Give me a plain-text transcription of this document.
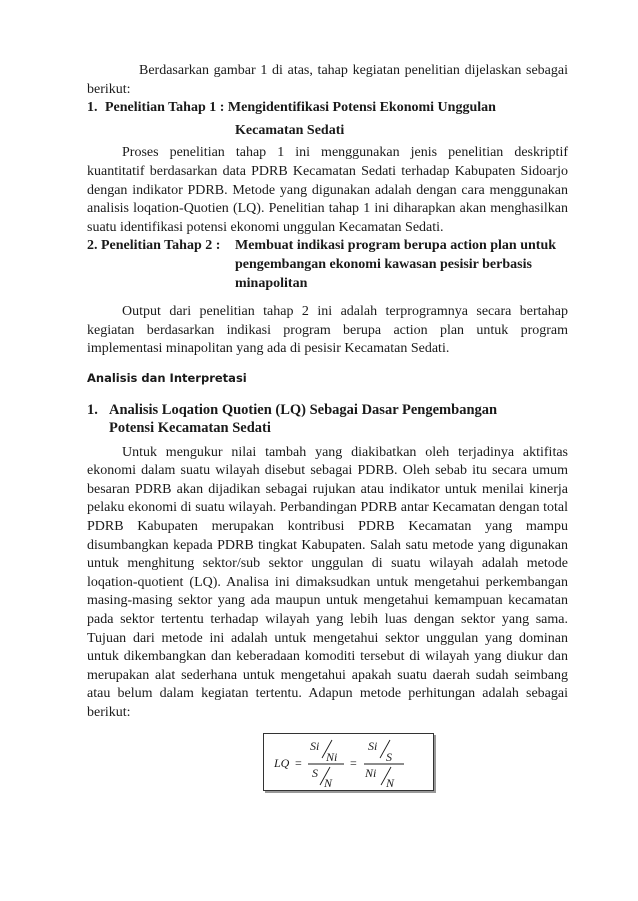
Berdasarkan gambar 1 di atas, tahap kegiatan penelitian dijelaskan sebagai berikut:

1. Penelitian Tahap 1 :
Mengidentifikasi Potensi Ekonomi Unggulan
Kecamatan Sedati

Proses penelitian tahap 1 ini menggunakan jenis penelitian deskriptif kuantitatif berdasarkan data PDRB Kecamatan Sedati terhadap Kabupaten Sidoarjo dengan indikator PDRB. Metode yang digunakan adalah dengan cara menggunakan analisis loqation-Quotien (LQ). Penelitian tahap 1 ini diharapkan akan menghasilkan suatu identifikasi potensi ekonomi unggulan Kecamatan Sedati.

2. Penelitian Tahap 2 :	Membuat indikasi program berupa action plan untuk pengembangan ekonomi kawasan pesisir berbasis minapolitan

Output dari penelitian tahap 2 ini adalah terprogramnya secara bertahap kegiatan berdasarkan indikasi program berupa action plan untuk program implementasi minapolitan yang ada di pesisir Kecamatan Sedati.

Analisis dan Interpretasi
1. Analisis Loqation Quotien (LQ) Sebagai Dasar Pengembangan Potensi Kecamatan Sedati

Untuk mengukur nilai tambah yang diakibatkan oleh terjadinya aktifitas ekonomi dalam suatu wilayah disebut sebagai PDRB. Oleh sebab itu secara umum besaran PDRB akan dijadikan sebagai rujukan atau indikator untuk menilai kinerja pelaku ekonomi di suatu wilayah. Perbandingan PDRB antar Kecamatan dengan total PDRB Kabupaten merupakan kontribusi PDRB Kecamatan yang mampu disumbangkan kepada PDRB tingkat Kabupaten. Salah satu metode yang digunakan untuk menghitung sektor/sub sektor unggulan di suatu wilayah adalah metode loqation-quotient (LQ). Analisa ini dimaksudkan untuk mengetahui perkembangan masing-masing sektor yang ada maupun untuk mengetahui kemampuan kecamatan pada sektor tertentu terhadap wilayah yang lebih luas dengan sektor yang sama. Tujuan dari metode ini adalah untuk mengetahui sektor unggulan yang dominan untuk dikembangkan dan keberadaan komoditi tersebut di wilayah yang diukur dan merupakan alat sederhana untuk mengetahui apakah suatu daerah sudah seimbang atau belum dalam kegiatan tertentu. Adapun metode perhitungan adalah sebagai berikut:

LQ =
Si
Ni
S
N
=
Si
S
Ni
N
